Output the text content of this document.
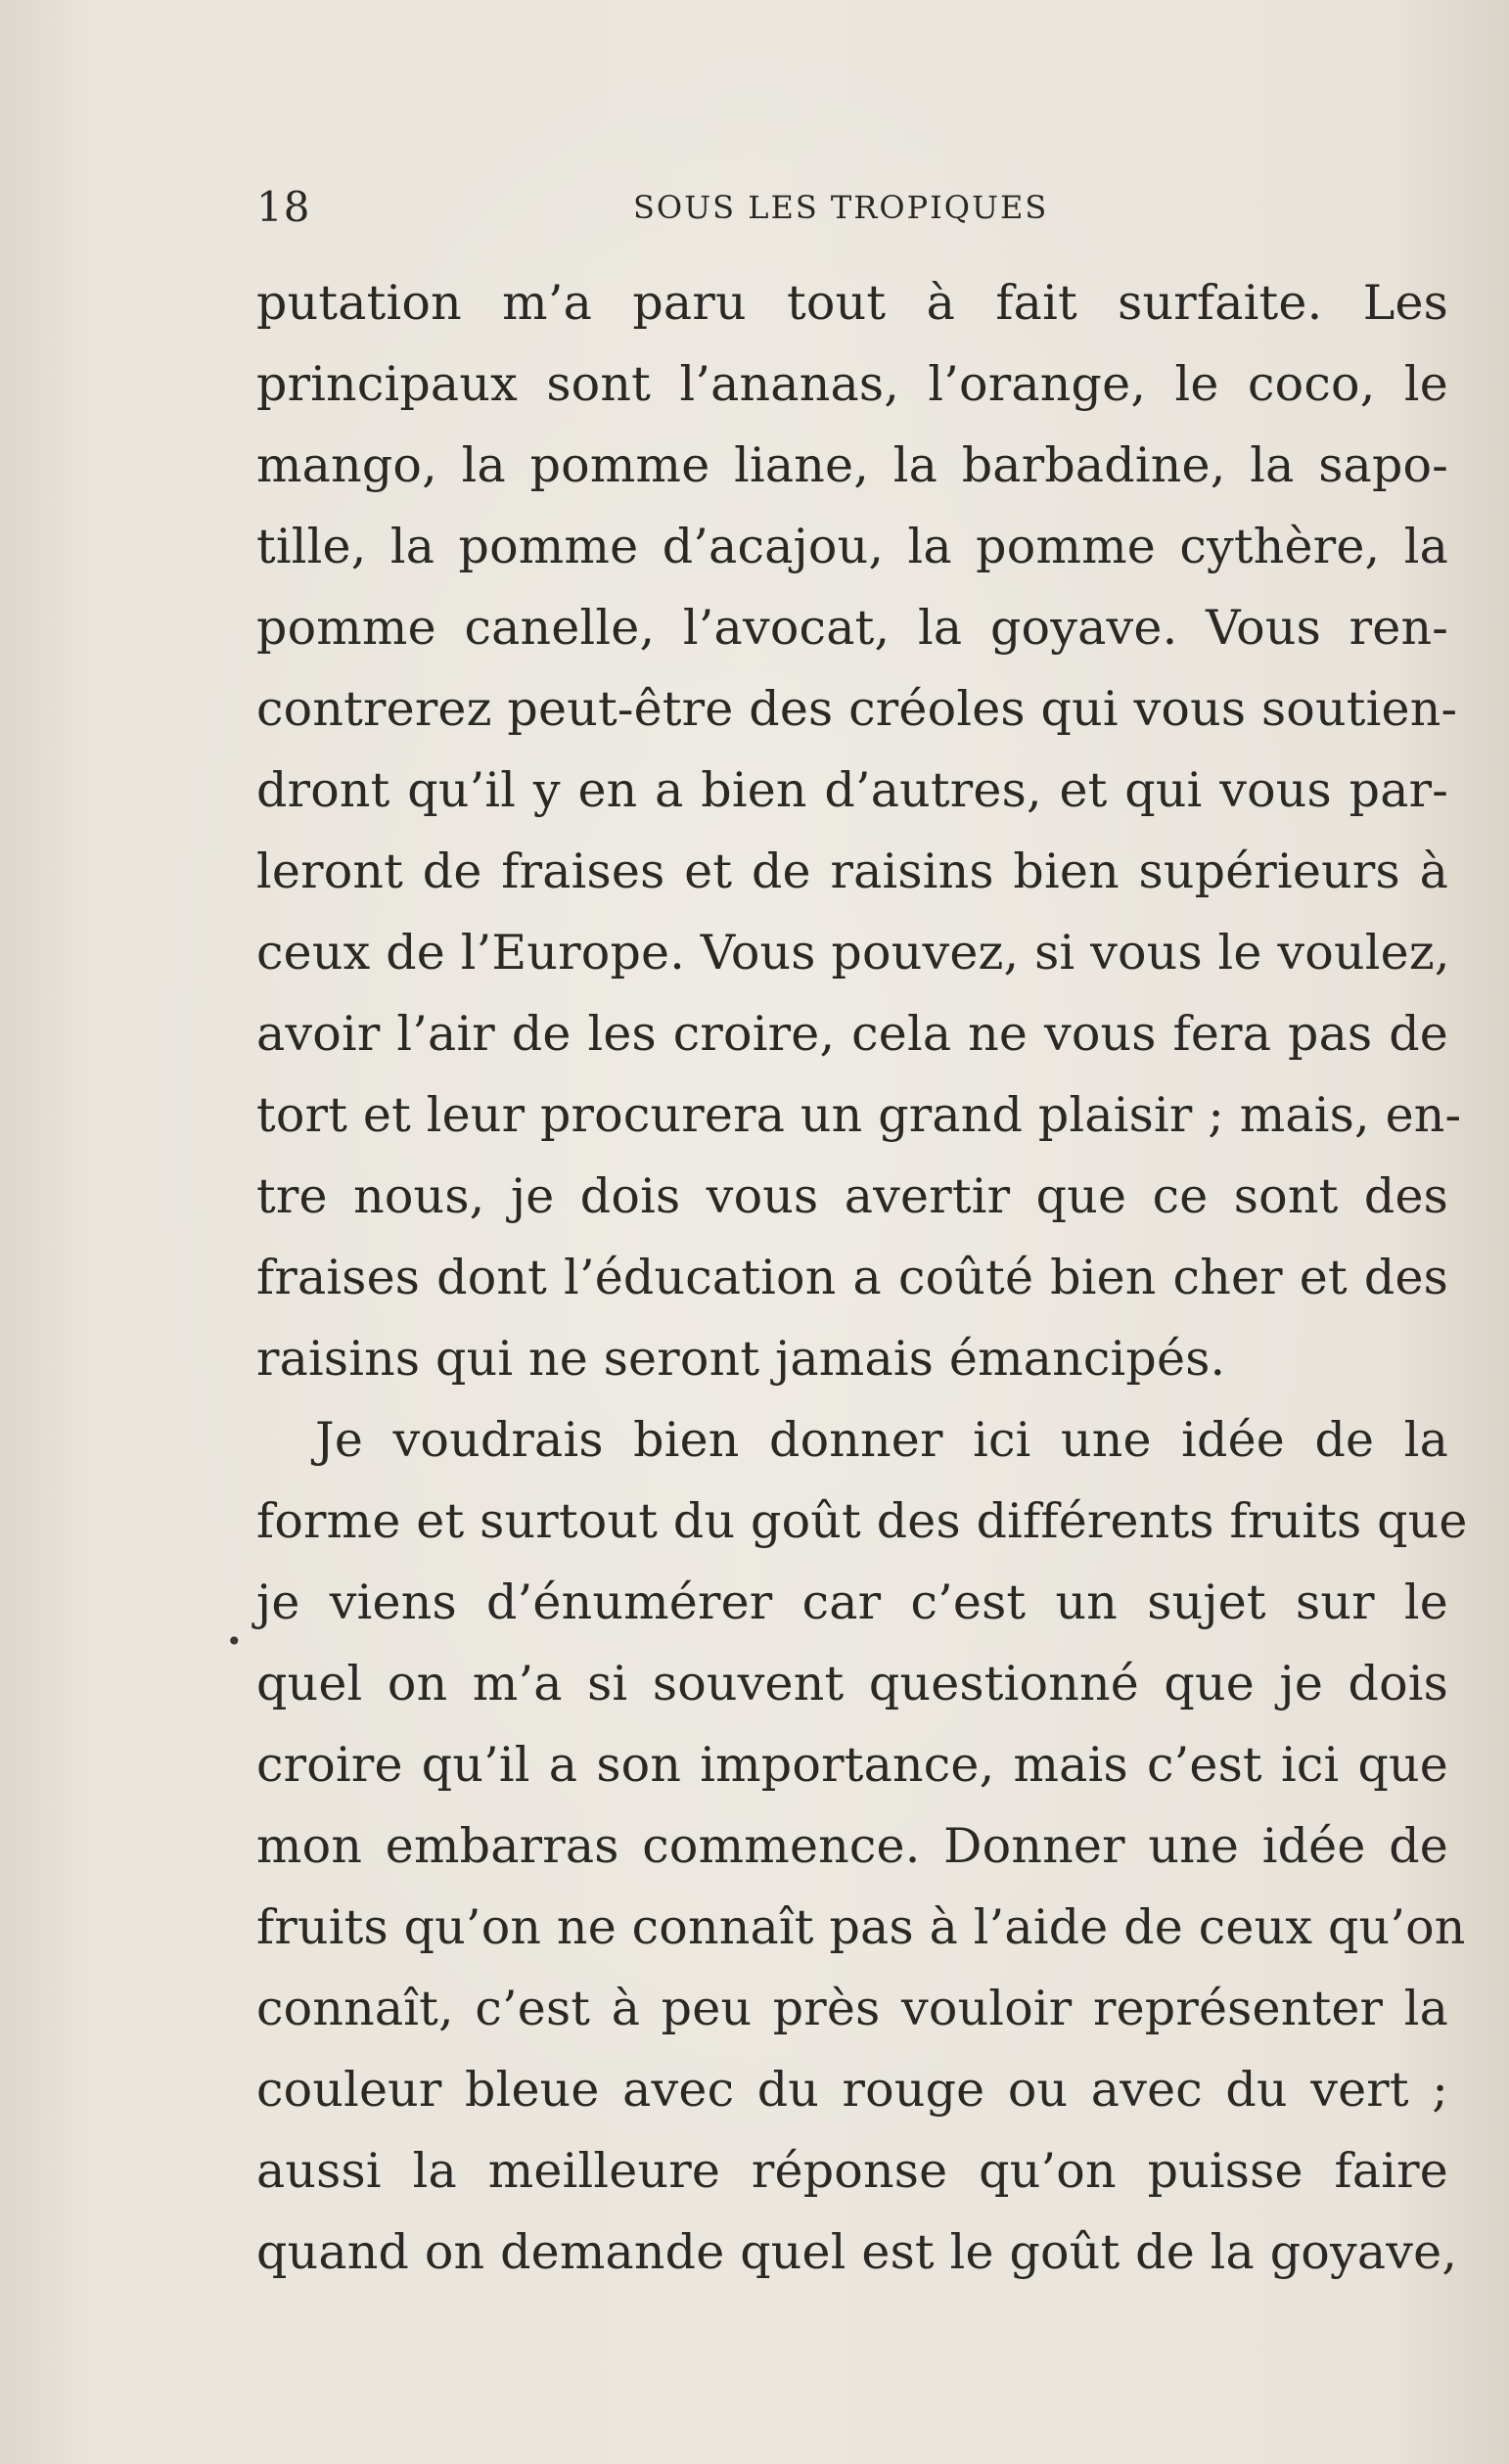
18	SOUS LES TROPIQUES
•
putation m’a paru tout à fait surfaite. Les
principaux sont l’ananas, l’orange, le coco, le
mango, la pomme liane, la barbadine, la sapo-
tille, la pomme d’acajou, la pomme cythère, la
pomme canelle, l’avocat, la goyave. Vous ren-
contrerez peut-être des créoles qui vous soutien-
dront qu’il y en a bien d’autres, et qui vous par-
leront de fraises et de raisins bien supérieurs à
ceux de l’Europe. Vous pouvez, si vous le voulez,
avoir l’air de les croire, cela ne vous fera pas de
tort et leur procurera un grand plaisir ; mais, en-
tre nous, je dois vous avertir que ce sont des
fraises dont l’éducation a coûté bien cher et des
raisins qui ne seront jamais émancipés.
Je voudrais bien donner ici une idée de la
forme et surtout du goût des différents fruits que
je viens d’énumérer car c’est un sujet sur le
quel on m’a si souvent questionné que je dois
croire qu’il a son importance, mais c’est ici que
mon embarras commence. Donner une idée de
fruits qu’on ne connaît pas à l’aide de ceux qu’on
connaît, c’est à peu près vouloir représenter la
couleur bleue avec du rouge ou avec du vert ;
aussi la meilleure réponse qu’on puisse faire
quand on demande quel est le goût de la goyave,
